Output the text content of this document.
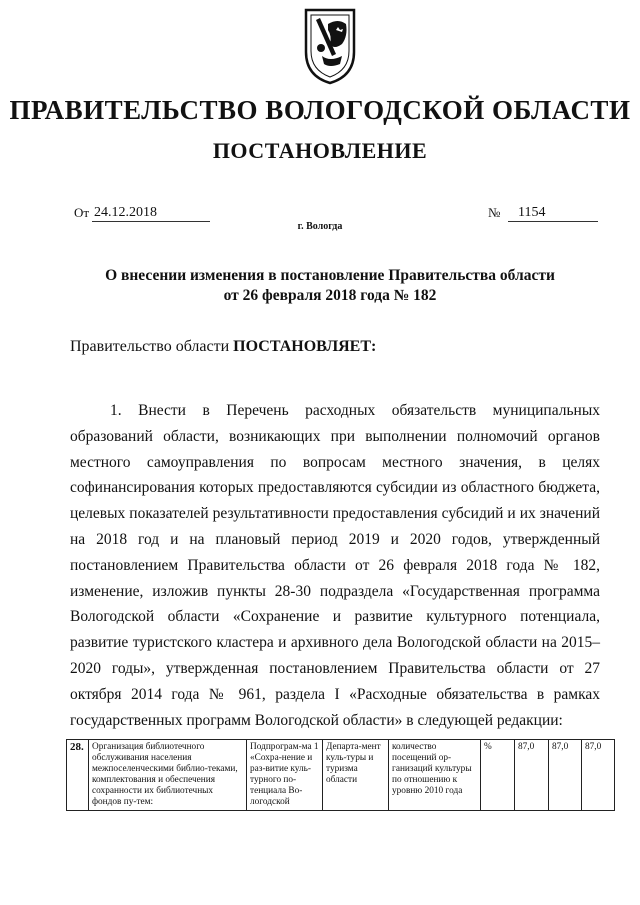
ПРАВИТЕЛЬСТВО ВОЛОГОДСКОЙ ОБЛАСТИ
ПОСТАНОВЛЕНИЕ
От 24.12.2018	№	1154
г. Вологда
О внесении изменения в постановление Правительства области
от 26 февраля 2018 года № 182
Правительство области ПОСТАНОВЛЯЕТ:

1. Внести в Перечень расходных обязательств муниципальных образований области, возникающих при выполнении полномочий органов местного самоуправления по вопросам местного значения, в целях софинансирования которых предоставляются субсидии из областного бюджета, целевых показателей результативности предоставления субсидий и их значений на 2018 год и на плановый период 2019 и 2020 годов, утвержденный постановлением Правительства области от 26 февраля 2018 года № 182, изменение, изложив пункты 28-30 подраздела «Государственная программа Вологодской области «Сохранение и развитие культурного потенциала, развитие туристского кластера и архивного дела Вологодской области на 2015–2020 годы», утвержденная постановлением Правительства области от 27 октября 2014 года № 961, раздела I «Расходные обязательства в рамках государственных программ Вологодской области» в следующей редакции:

28.	Организация библиотечного обслуживания населения межпоселенческими библио-теками, комплектования и обеспечения сохранности их библиотечных фондов пу-тем:	Подпрограм-ма 1 «Сохра-нение и раз-витие куль-турного по-тенциала Во-логодской	Департа-мент куль-туры и туризма области	количество посещений ор-ганизаций культуры по отношению к уровню 2010 года	%	87,0	87,0	87,0
